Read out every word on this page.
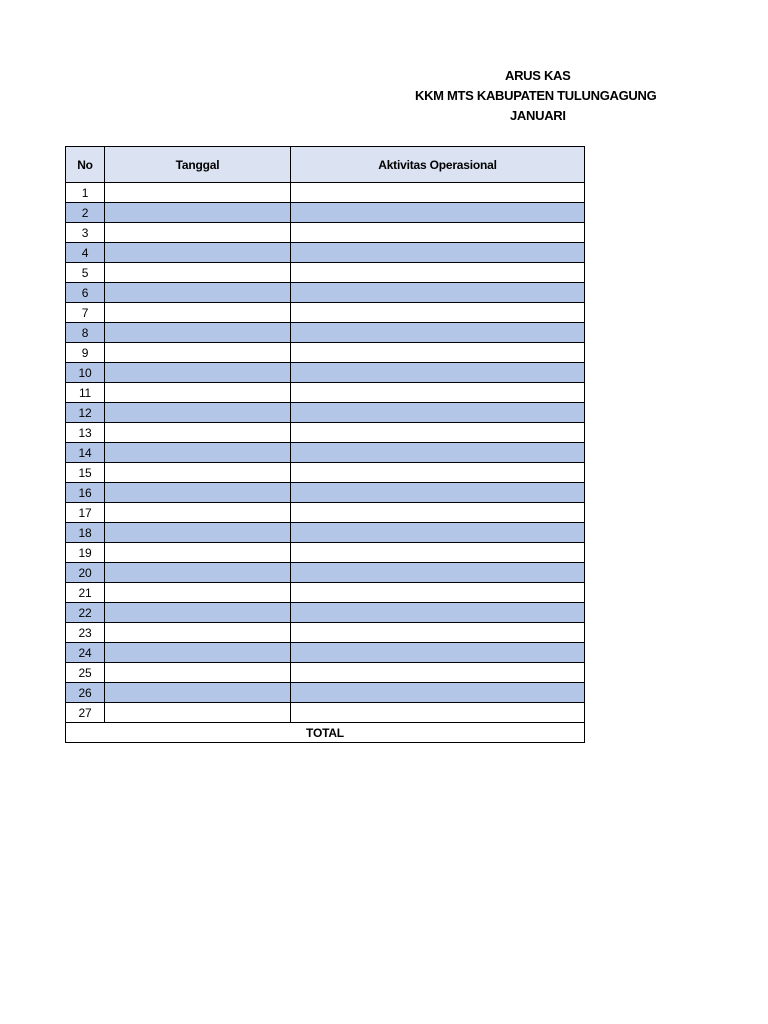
ARUS KAS
KKM MTS KABUPATEN TULUNGAGUNG
JANUARI
No	Tanggal	Aktivitas Operasional
1		
2		
3		
4		
5		
6		
7		
8		
9		
10		
11		
12		
13		
14		
15		
16		
17		
18		
19		
20		
21		
22		
23		
24		
25		
26		
27		
TOTAL		
